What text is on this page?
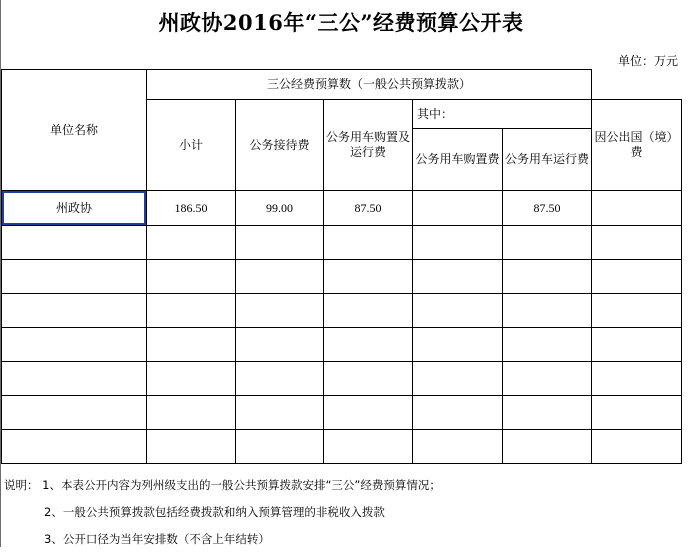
州政协2016年“三公”经费预算公开表
单位：万元
单位名称	三公经费预算数（一般公共预算拨款）					
	小计	公务接待费	公务用车购置及运行费	其中：		因公出国（境）费
				公务用车购置费	公务用车运行费	
州政协	186.50	99.00	87.50		87.50	

说明： 1、本表公开内容为列州级支出的一般公共预算拨款安排“三公”经费预算情况；
2、一般公共预算拨款包括经费拨款和纳入预算管理的非税收入拨款
3、公开口径为当年安排数（不含上年结转）
